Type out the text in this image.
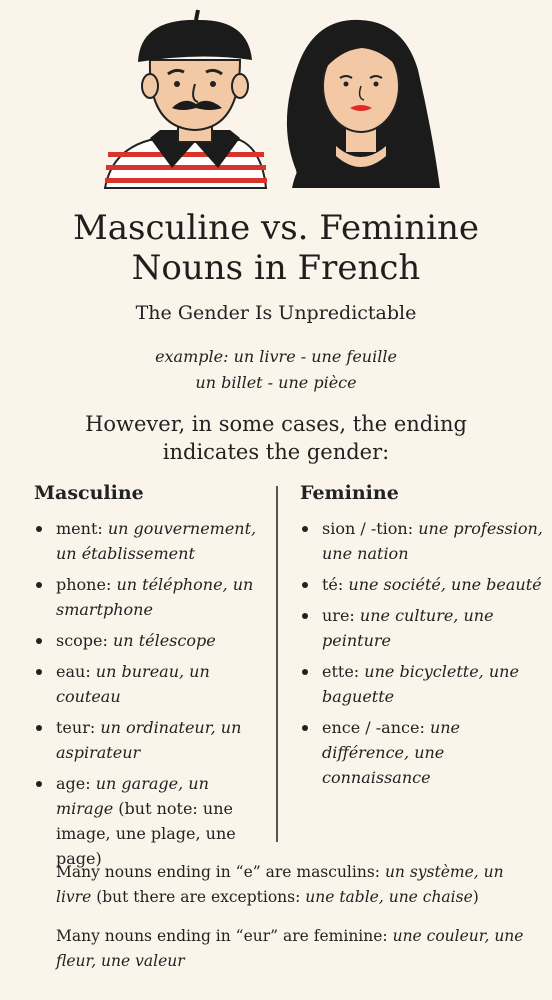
Masculine vs. Feminine
Nouns in French
The Gender Is Unpredictable
example: un livre - une feuille
un billet - une pièce
However, in some cases, the ending
indicates the gender:
Masculine
ment: un gouvernement, un établissement
phone: un téléphone, un smartphone
scope: un télescope
eau: un bureau, un couteau
teur: un ordinateur, un aspirateur
age: un garage, un mirage (but note: une image, une plage, une page)
Feminine
sion / -tion: une profession, une nation
té: une société, une beauté
ure: une culture, une peinture
ette: une bicyclette, une baguette
ence / -ance: une différence, une connaissance
Many nouns ending in “e” are masculins: un système, un livre (but there are exceptions: une table, une chaise)
Many nouns ending in “eur” are feminine: une couleur, une fleur, une valeur
